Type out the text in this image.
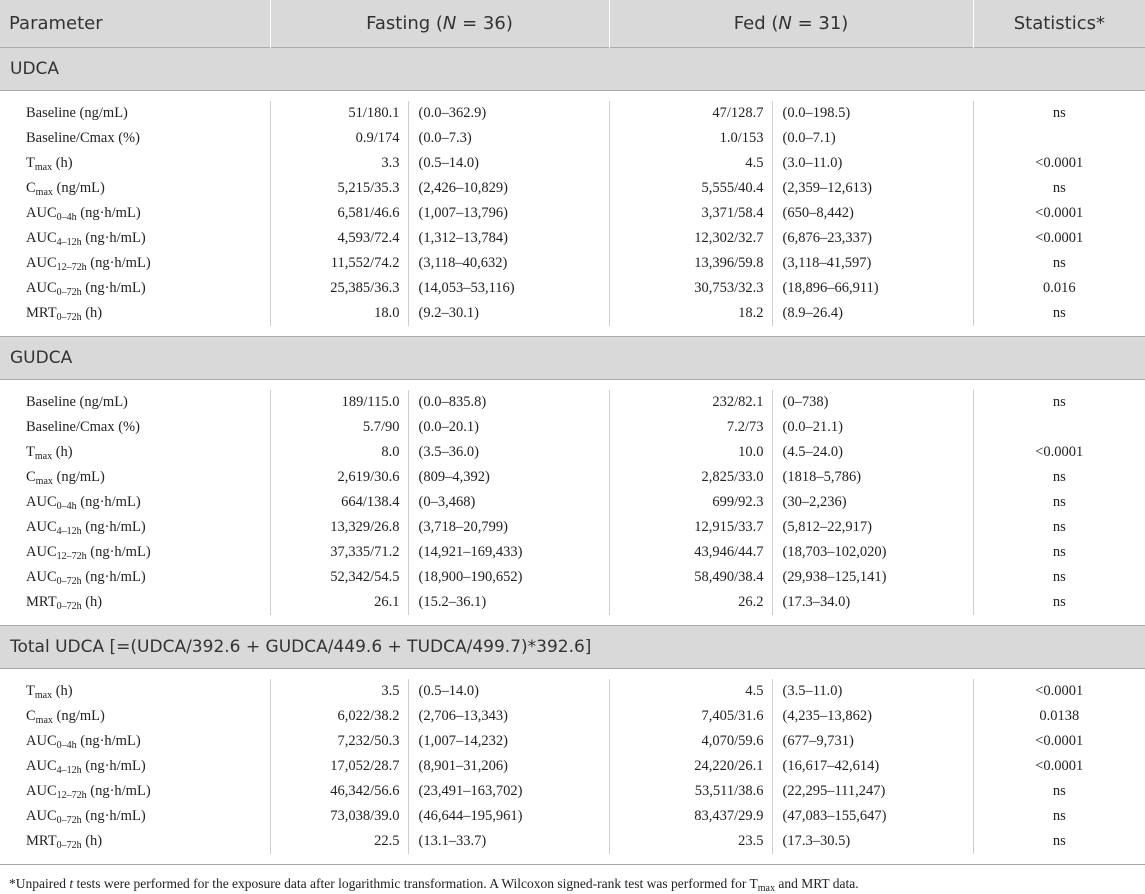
Parameter	Fasting (N = 36)		Fed (N = 31)		Statistics*
UDCA					

Baseline (ng/mL)	51/180.1	(0.0–362.9)	47/128.7	(0.0–198.5)	ns
Baseline/Cmax (%)	0.9/174	(0.0–7.3)	1.0/153	(0.0–7.1)	
$T_{max}$ (h)	3.3	(0.5–14.0)	4.5	(3.0–11.0)	<0.0001
$C_{max}$ (ng/mL)	5,215/35.3	(2,426–10,829)	5,555/40.4	(2,359–12,613)	ns
$AUC_{0-4h}$ (ng·h/mL)	6,581/46.6	(1,007–13,796)	3,371/58.4	(650–8,442)	<0.0001
$AUC_{4-12h}$ (ng·h/mL)	4,593/72.4	(1,312–13,784)	12,302/32.7	(6,876–23,337)	<0.0001
$AUC_{12-72h}$ (ng·h/mL)	11,552/74.2	(3,118–40,632)	13,396/59.8	(3,118–41,597)	ns
$AUC_{0-72h}$ (ng·h/mL)	25,385/36.3	(14,053–53,116)	30,753/32.3	(18,896–66,911)	0.016
$MRT_{0-72h}$ (h)	18.0	(9.2–30.1)	18.2	(8.9–26.4)	ns

GUDCA					

Baseline (ng/mL)	189/115.0	(0.0–835.8)	232/82.1	(0–738)	ns
Baseline/Cmax (%)	5.7/90	(0.0–20.1)	7.2/73	(0.0–21.1)	
$T_{max}$ (h)	8.0	(3.5–36.0)	10.0	(4.5–24.0)	<0.0001
$C_{max}$ (ng/mL)	2,619/30.6	(809–4,392)	2,825/33.0	(1818–5,786)	ns
$AUC_{0-4h}$ (ng·h/mL)	664/138.4	(0–3,468)	699/92.3	(30–2,236)	ns
$AUC_{4-12h}$ (ng·h/mL)	13,329/26.8	(3,718–20,799)	12,915/33.7	(5,812–22,917)	ns
$AUC_{12-72h}$ (ng·h/mL)	37,335/71.2	(14,921–169,433)	43,946/44.7	(18,703–102,020)	ns
$AUC_{0-72h}$ (ng·h/mL)	52,342/54.5	(18,900–190,652)	58,490/38.4	(29,938–125,141)	ns
$MRT_{0-72h}$ (h)	26.1	(15.2–36.1)	26.2	(17.3–34.0)	ns

Total UDCA [=(UDCA/392.6 + GUDCA/449.6 + TUDCA/499.7)*392.6]					

$T_{max}$ (h)	3.5	(0.5–14.0)	4.5	(3.5–11.0)	<0.0001
$C_{max}$ (ng/mL)	6,022/38.2	(2,706–13,343)	7,405/31.6	(4,235–13,862)	0.0138
$AUC_{0-4h}$ (ng·h/mL)	7,232/50.3	(1,007–14,232)	4,070/59.6	(677–9,731)	<0.0001
$AUC_{4-12h}$ (ng·h/mL)	17,052/28.7	(8,901–31,206)	24,220/26.1	(16,617–42,614)	<0.0001
$AUC_{12-72h}$ (ng·h/mL)	46,342/56.6	(23,491–163,702)	53,511/38.6	(22,295–111,247)	ns
$AUC_{0-72h}$ (ng·h/mL)	73,038/39.0	(46,644–195,961)	83,437/29.9	(47,083–155,647)	ns
$MRT_{0-72h}$ (h)	22.5	(13.1–33.7)	23.5	(17.3–30.5)	ns

*Unpaired t tests were performed for the exposure data after logarithmic transformation. A Wilcoxon signed-rank test was performed for $T_{max}$ and MRT data.
